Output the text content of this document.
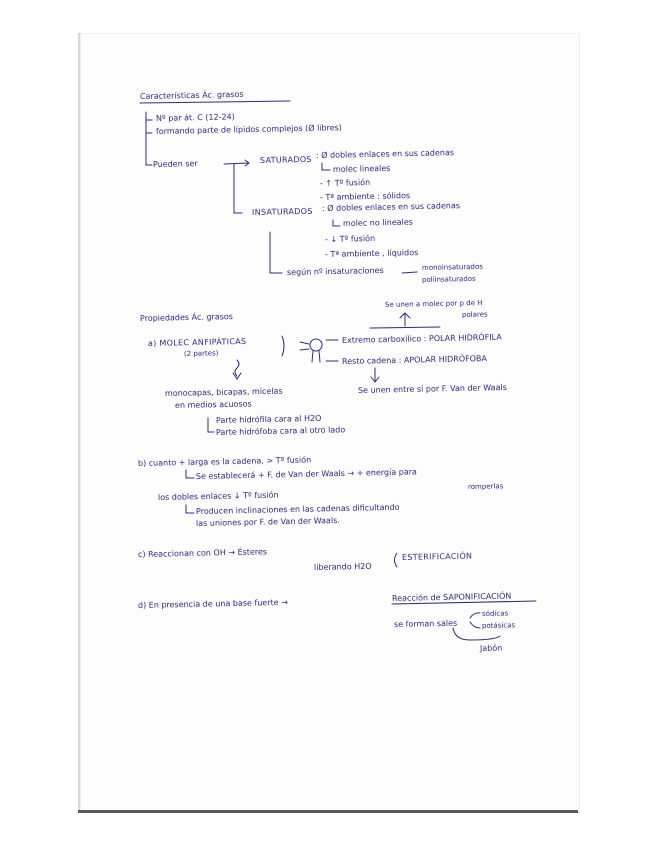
Características Ác. grasos
Nº par át. C (12-24)
formando parte de lípidos complejos (Ø libres)
Pueden ser	SATURADOS : Ø dobles enlaces en sus cadenas
molec lineales
- ↑ Tº fusión
- Tª ambiente : sólidos
INSATURADOS : Ø dobles enlaces en sus cadenas
molec no lineales
- ↓ Tº fusión
- Tª ambiente , líquidos
según nº insaturaciones	monoinsaturados
poliinsaturados
Propiedades Ác. grasos
Se unen a molec por p de H
polares
a) MOLEC ANFIPÁTICAS
(2 partes)
Extremo carboxílico : POLAR HIDRÓFILA
Resto cadena : APOLAR HIDRÓFOBA
Se unen entre sí por F. Van der Waals
monocapas, bicapas, micelas
en medios acuosos
Parte hidrófila cara al H2O
Parte hidrófoba cara al otro lado
b) cuanto + larga es la cadena, > Tº fusión
Se establecerá + F. de Van der Waals → + energía para
romperlas
los dobles enlaces ↓ Tº fusión
Producen inclinaciones en las cadenas dificultando
las uniones por F. de Van der Waals.
c) Reaccionan con OH → Ésteres
liberando H2O
ESTERIFICACIÓN
d) En presencia de una base fuerte →
Reacción de SAPONIFICACIÓN
se forman sales
sódicas
potásicas
Jabón
